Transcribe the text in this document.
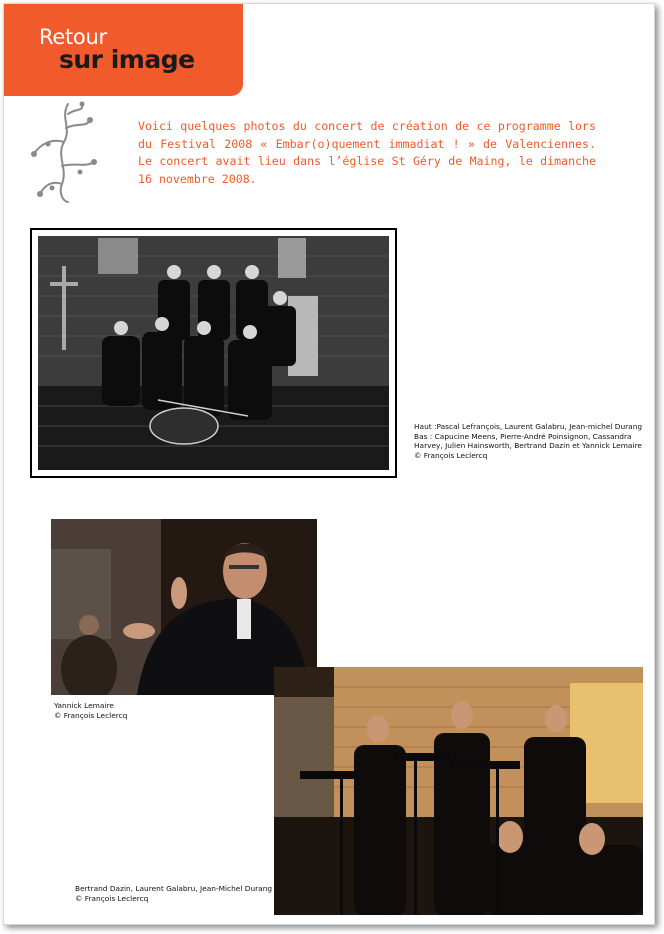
Retour
sur image
Voici quelques photos du concert de création de ce programme lors du Festival 2008 « Embar(o)quement immadiat ! » de Valenciennes. Le concert avait lieu dans l’église St Géry de Maing, le dimanche 16 novembre 2008.
Haut :Pascal Lefrançois, Laurent Galabru, Jean-michel Durang
Bas : Capucine Meens, Pierre-André Poinsignon, Cassandra Harvey, Julien Hainsworth, Bertrand Dazin et Yannick Lemaire
© François Leclercq
Yannick Lemaire
© François Leclercq
Bertrand Dazin, Laurent Galabru, Jean-Michel Durang
© François Leclercq
